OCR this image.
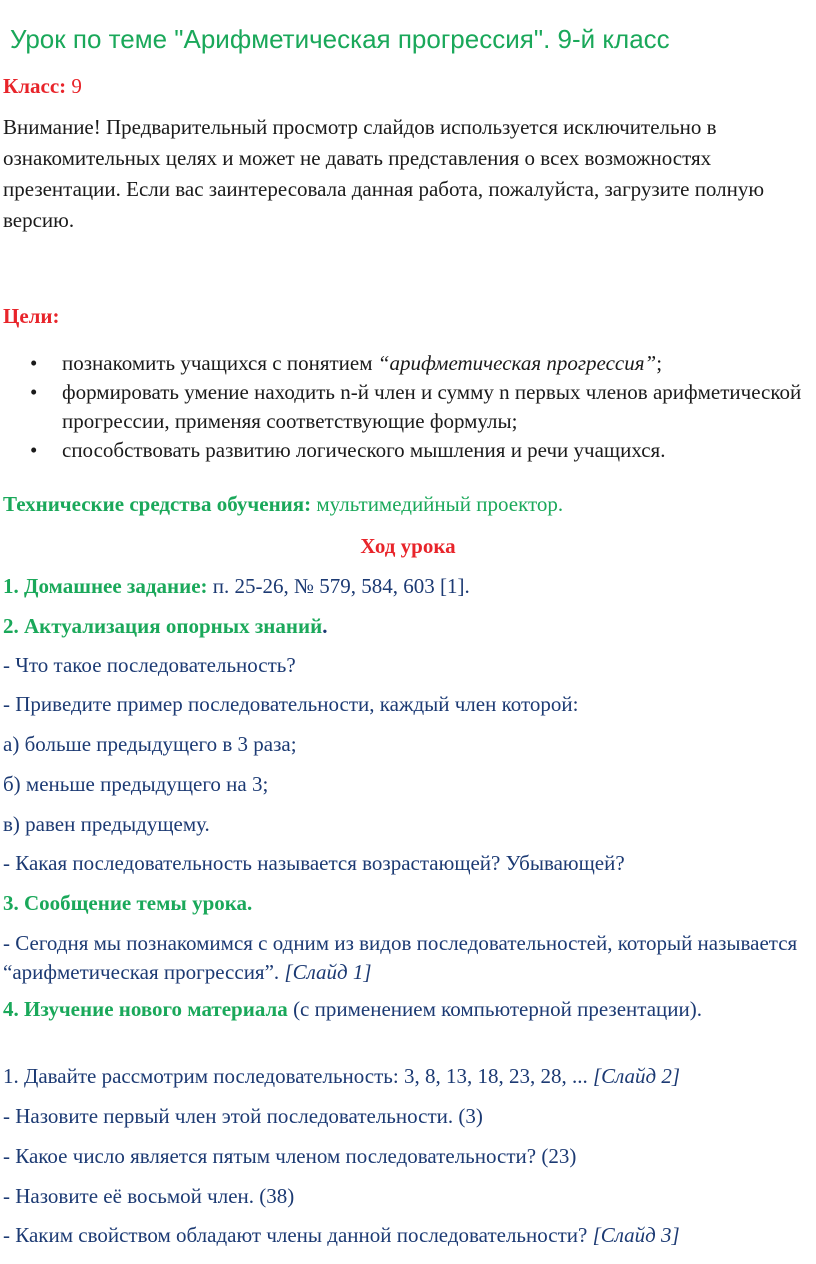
Урок по теме "Арифметическая прогрессия". 9-й класс
Класс: 9
Внимание! Предварительный просмотр слайдов используется исключительно в ознакомительных целях и может не давать представления о всех возможностях презентации. Если вас заинтересовала данная работа, пожалуйста, загрузите полную версию.
Цели:
• познакомить учащихся с понятием “арифметическая прогрессия”;
• формировать умение находить n-й член и сумму n первых членов арифметической прогрессии, применяя соответствующие формулы;
• способствовать развитию логического мышления и речи учащихся.
Технические средства обучения: мультимедийный проектор.
Ход урока
1. Домашнее задание: п. 25-26, № 579, 584, 603 [1].
2. Актуализация опорных знаний.
- Что такое последовательность?
- Приведите пример последовательности, каждый член которой:
а) больше предыдущего в 3 раза;
б) меньше предыдущего на 3;
в) равен предыдущему.
- Какая последовательность называется возрастающей? Убывающей?
3. Сообщение темы урока.
- Сегодня мы познакомимся с одним из видов последовательностей, который называется “арифметическая прогрессия”. [Слайд 1]
4. Изучение нового материала (с применением компьютерной презентации).
1. Давайте рассмотрим последовательность: 3, 8, 13, 18, 23, 28, ... [Слайд 2]
- Назовите первый член этой последовательности. (3)
- Какое число является пятым членом последовательности? (23)
- Назовите её восьмой член. (38)
- Каким свойством обладают члены данной последовательности? [Слайд 3]
